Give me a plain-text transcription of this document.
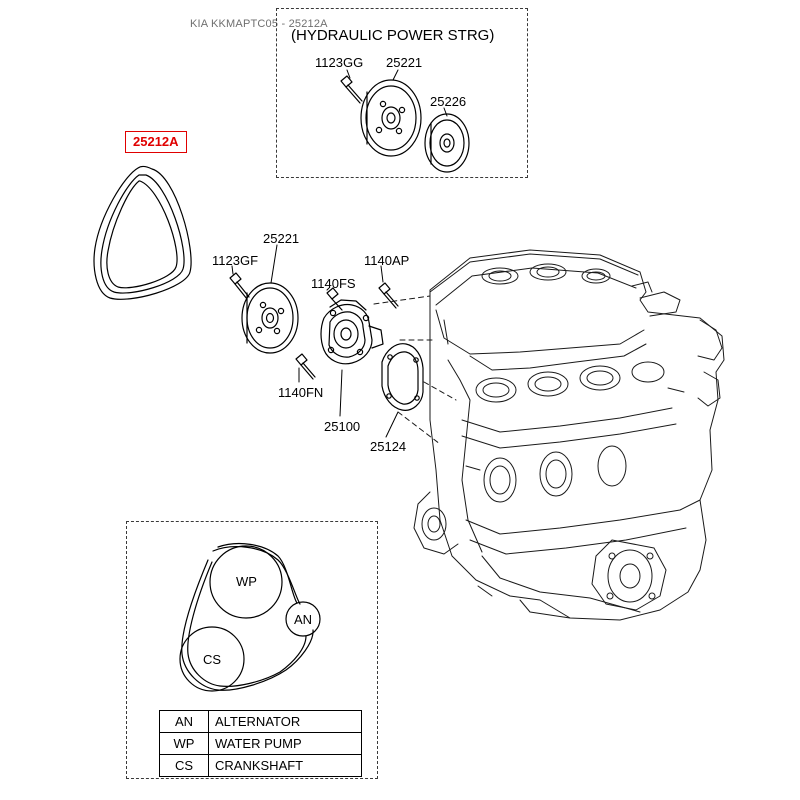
KIA KKMAPTC05 - 25212A
(HYDRAULIC POWER STRG)
25212A
WP
AN
CS
1123GG 25221
25226
25221
1123GF	1140AP
1140FS
1140FN
25100
25124
AN	ALTERNATOR
WP	WATER PUMP
CS	CRANKSHAFT
